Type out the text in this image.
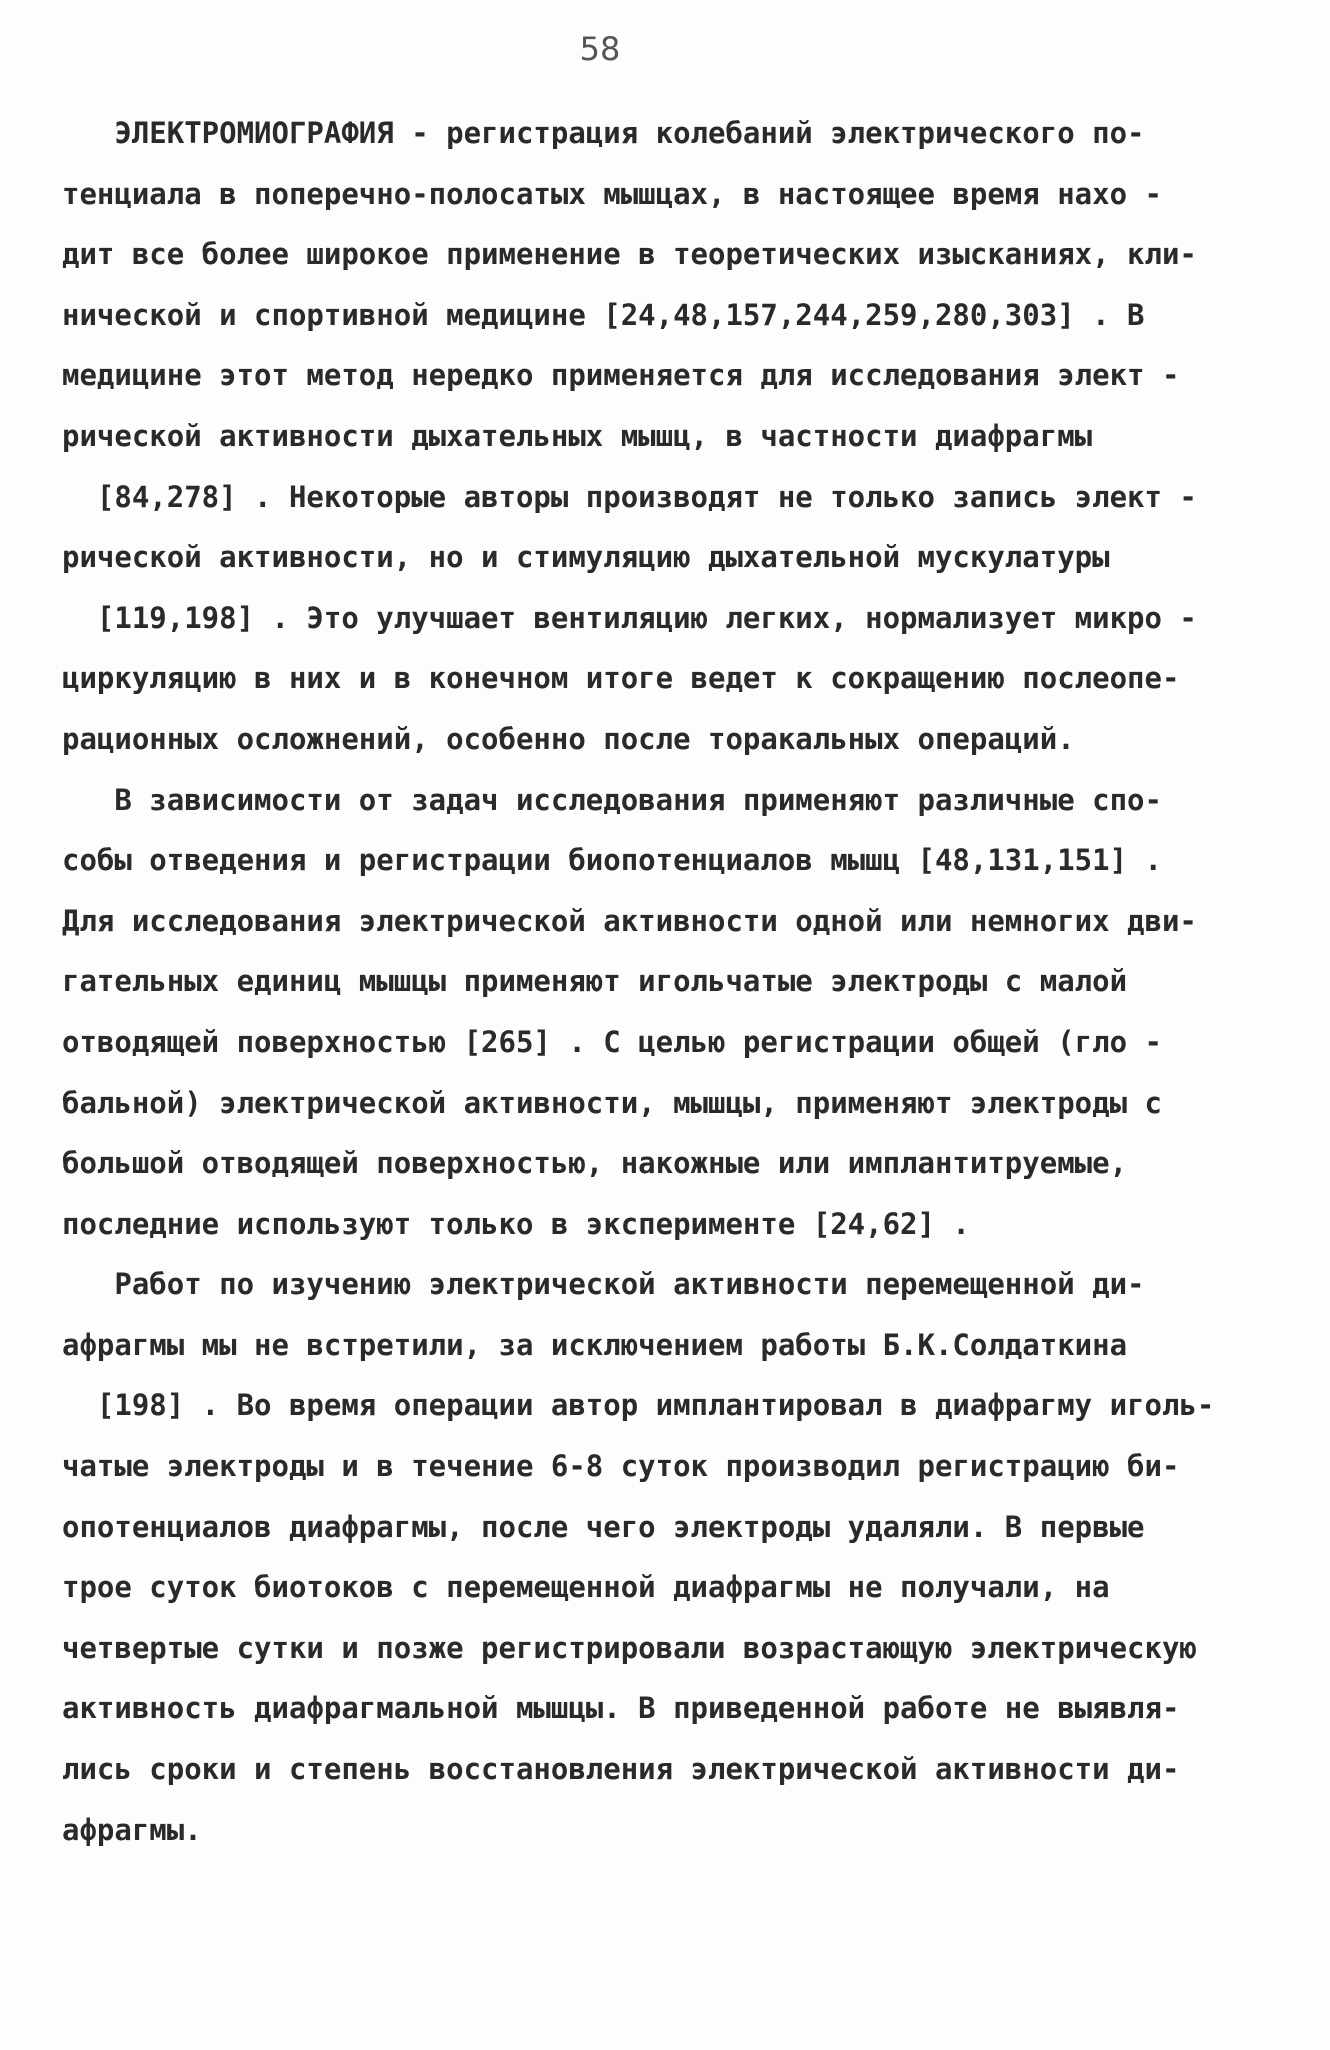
58
ЭЛЕКТРОМИОГРАФИЯ - регистрация колебаний электрического по-
тенциала в поперечно-полосатых мышцах, в настоящее время нахо -
дит все более широкое применение в теоретических изысканиях, кли-
нической и спортивной медицине [24,48,157,244,259,280,303] . В
медицине этот метод нередко применяется для исследования элект -
рической активности дыхательных мышц, в частности диафрагмы
[84,278] . Некоторые авторы производят не только запись элект -
рической активности, но и стимуляцию дыхательной мускулатуры
[119,198] . Это улучшает вентиляцию легких, нормализует микро -
циркуляцию в них и в конечном итоге ведет к сокращению послеопе-
рационных осложнений, особенно после торакальных операций.
В зависимости от задач исследования применяют различные спо-
собы отведения и регистрации биопотенциалов мышц [48,131,151] .
Для исследования электрической активности одной или немногих дви-
гательных единиц мышцы применяют игольчатые электроды с малой
отводящей поверхностью [265] . С целью регистрации общей (гло -
бальной) электрической активности, мышцы, применяют электроды с
большой отводящей поверхностью, накожные или имплантитруемые,
последние используют только в эксперименте [24,62] .
Работ по изучению электрической активности перемещенной ди-
афрагмы мы не встретили, за исключением работы Б.К.Солдаткина
[198] . Во время операции автор имплантировал в диафрагму иголь-
чатые электроды и в течение 6-8 суток производил регистрацию би-
опотенциалов диафрагмы, после чего электроды удаляли. В первые
трое суток биотоков с перемещенной диафрагмы не получали, на
четвертые сутки и позже регистрировали возрастающую электрическую
активность диафрагмальной мышцы. В приведенной работе не выявля-
лись сроки и степень восстановления электрической активности ди-
афрагмы.
